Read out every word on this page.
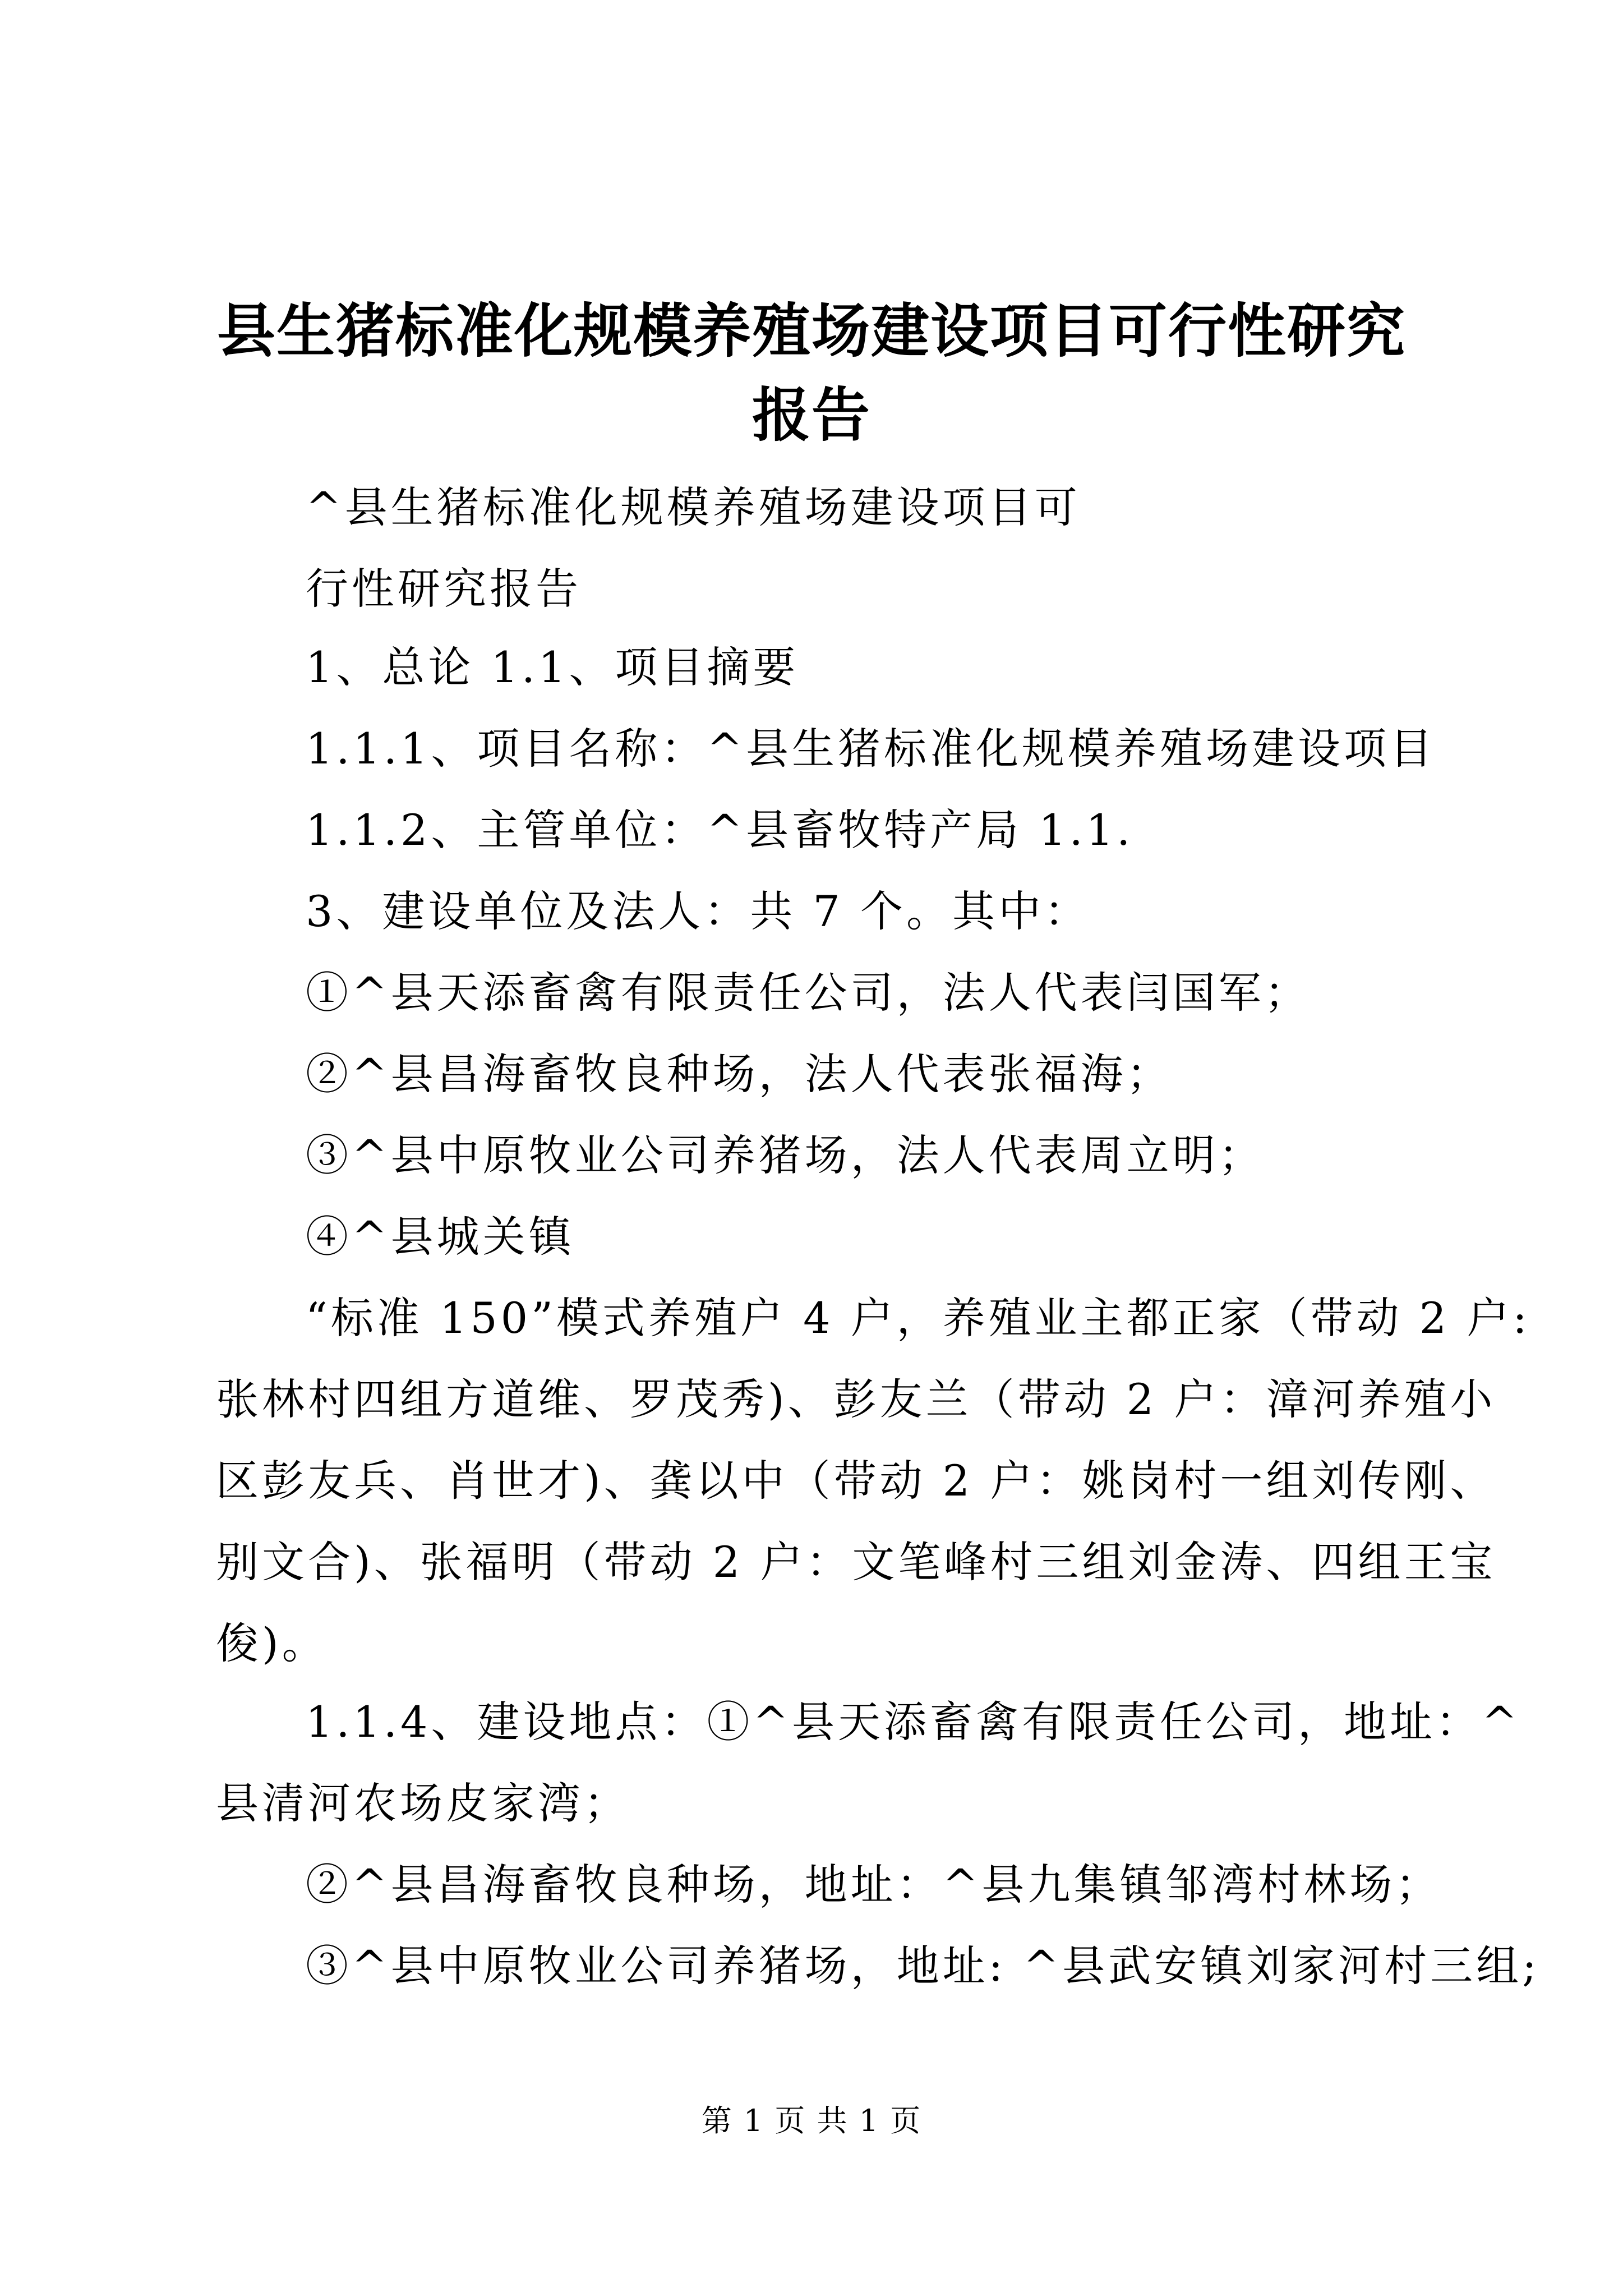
县生猪标准化规模养殖场建设项目可行性研究
报告
^县生猪标准化规模养殖场建设项目可
行性研究报告
1、总论 1.1、项目摘要
1.1.1、项目名称：^县生猪标准化规模养殖场建设项目
1.1.2、主管单位：^县畜牧特产局 1.1.
3、建设单位及法人：共 7 个。其中：
①^县天添畜禽有限责任公司，法人代表闫国军；
②^县昌海畜牧良种场，法人代表张福海；
③^县中原牧业公司养猪场，法人代表周立明；
④^县城关镇
“标准 150”模式养殖户 4 户，养殖业主都正家（带动 2 户:
张林村四组方道维、罗茂秀)、彭友兰（带动 2 户：漳河养殖小
区彭友兵、肖世才)、龚以中（带动 2 户：姚岗村一组刘传刚、
别文合)、张福明（带动 2 户：文笔峰村三组刘金涛、四组王宝
俊)。
1.1.4、建设地点：①^县天添畜禽有限责任公司，地址：^
县清河农场皮家湾；
②^县昌海畜牧良种场，地址：^县九集镇邹湾村林场；
③^县中原牧业公司养猪场，地址: ^县武安镇刘家河村三组;
第 1 页 共 1 页
